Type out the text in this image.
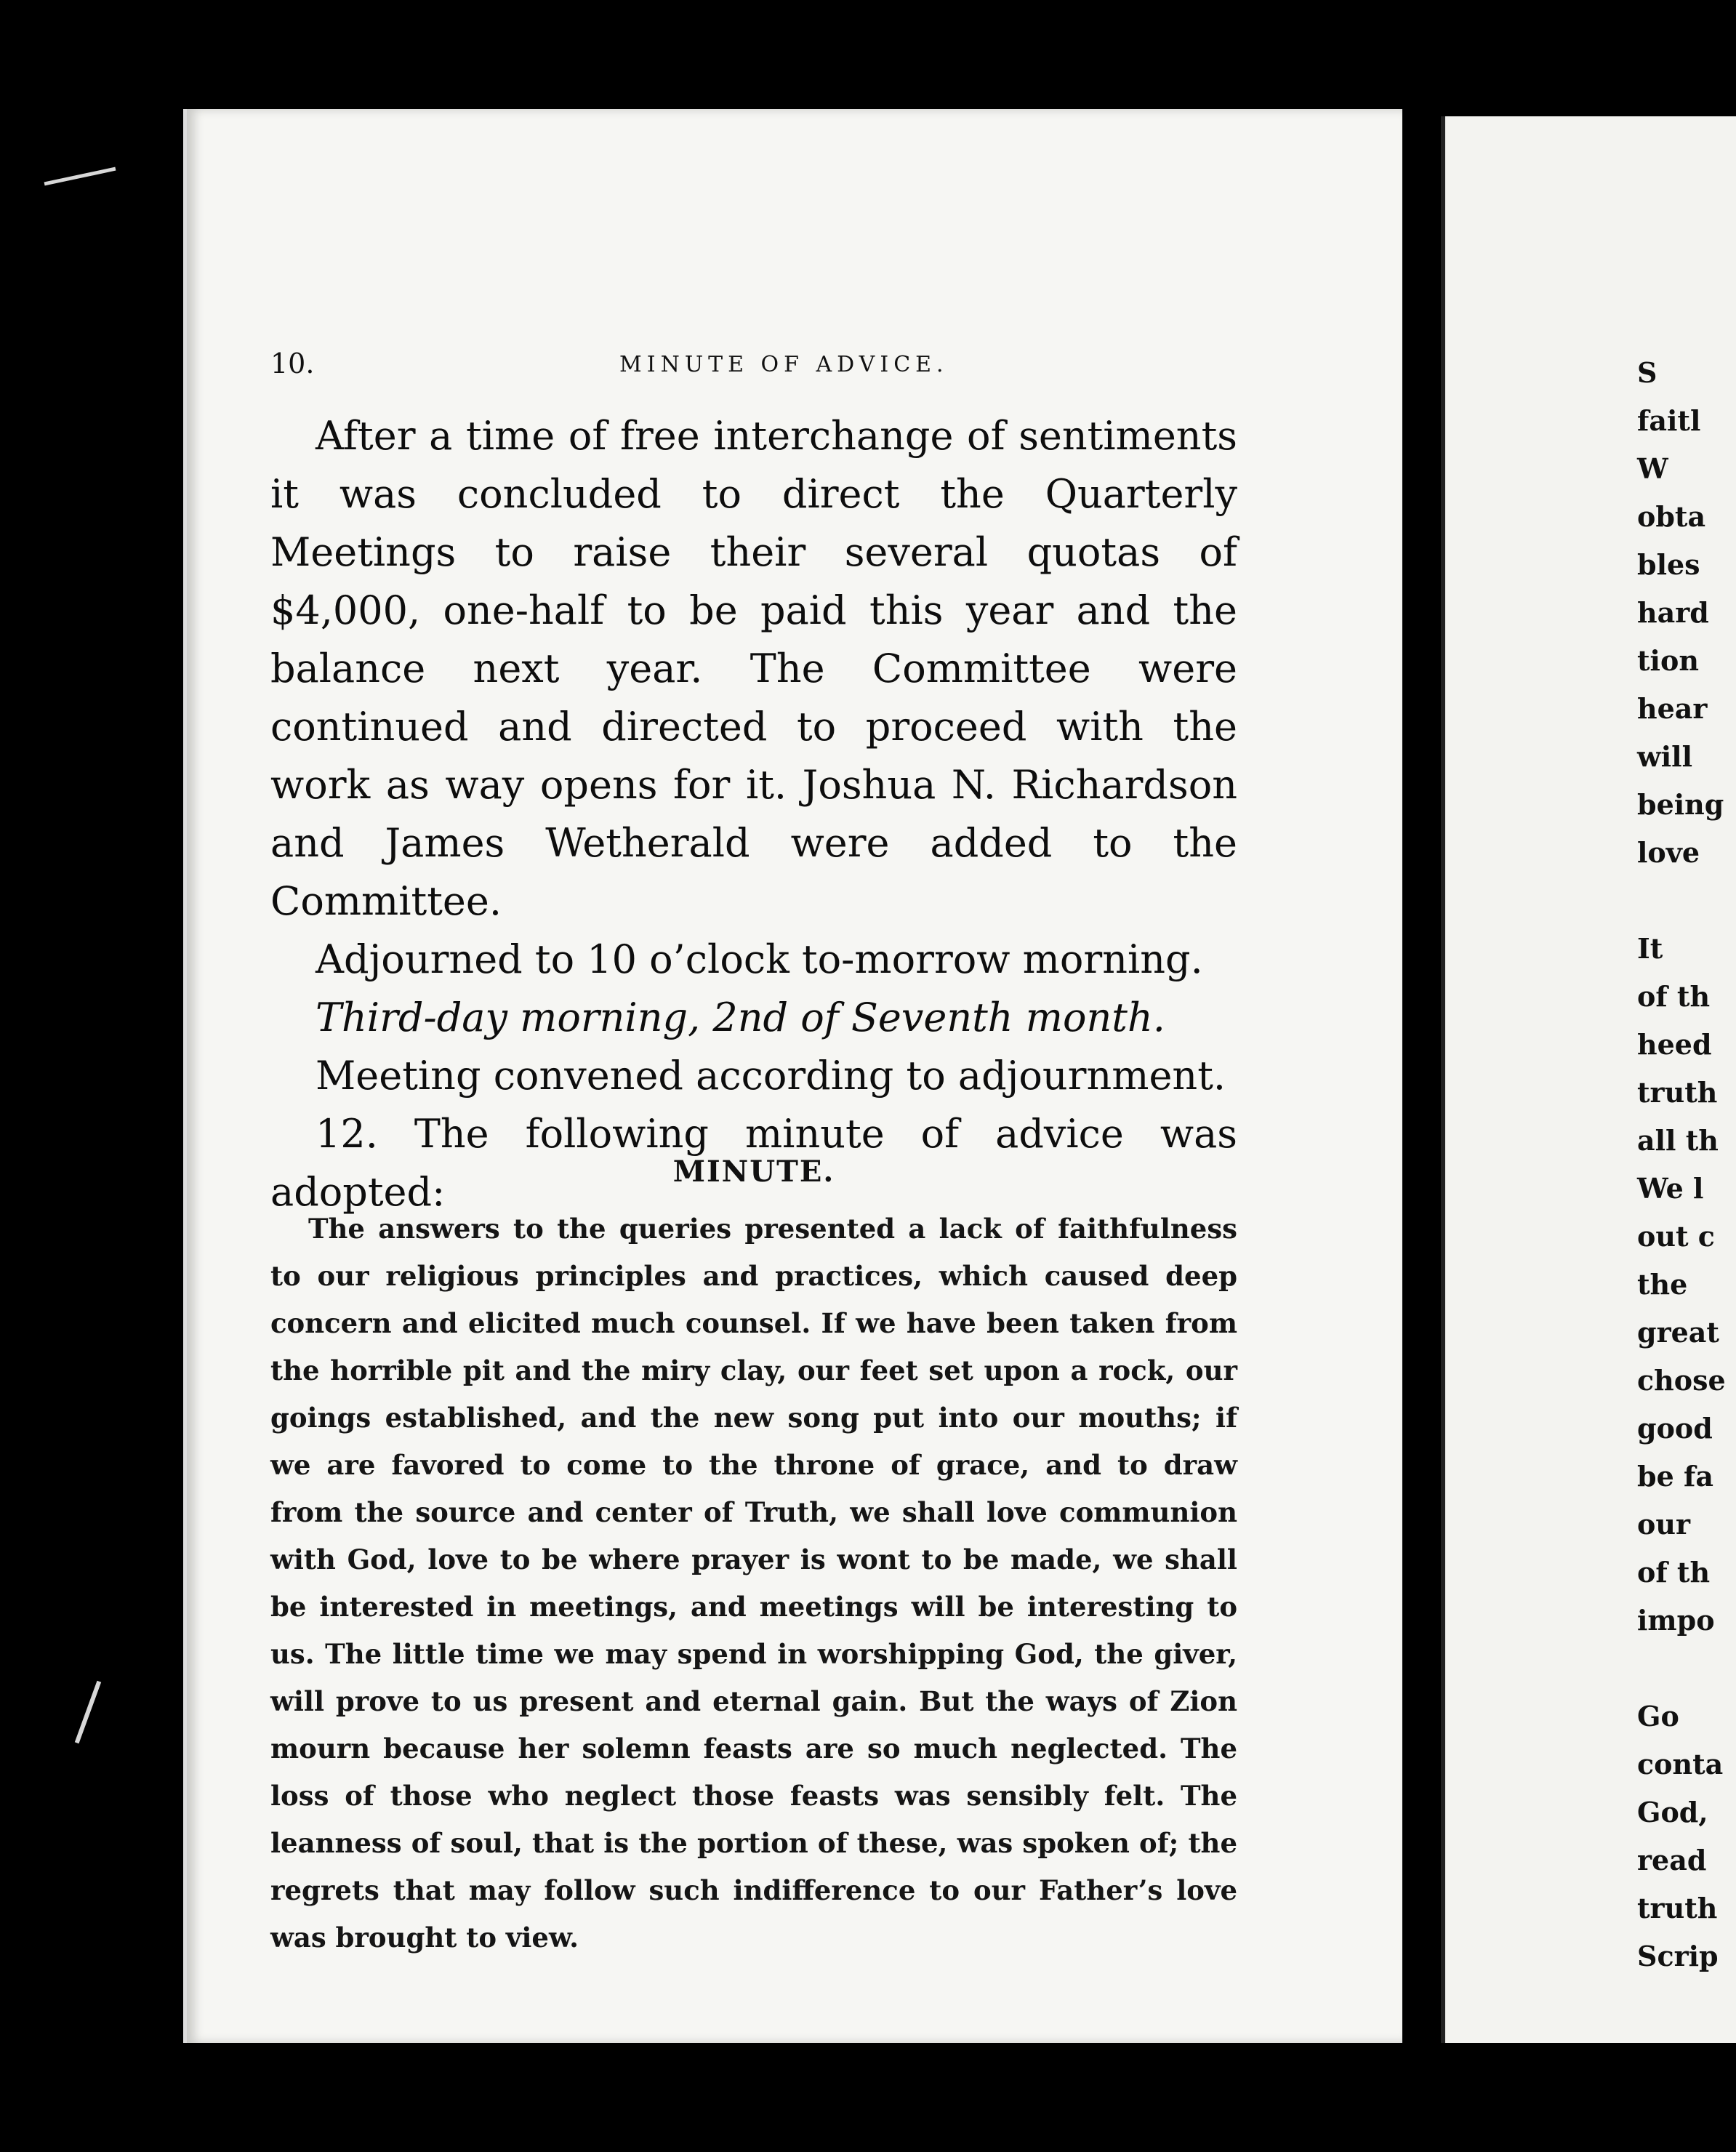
10.	MINUTE OF ADVICE.

After a time of free interchange of sentiments it was concluded to direct the Quarterly Meetings to raise their several quotas of $4,000, one-half to be paid this year and the balance next year. The Committee were continued and directed to proceed with the work as way opens for it. Joshua N. Richardson and James Wetherald were added to the Committee.

Adjourned to 10 o’clock to-morrow morning.

Third-day morning, 2nd of Seventh month.

Meeting convened according to adjournment.

12. The following minute of advice was adopted:	MINUTE.

The answers to the queries presented a lack of faithfulness to our religious principles and practices, which caused deep concern and elicited much counsel. If we have been taken from the horrible pit and the miry clay, our feet set upon a rock, our goings established, and the new song put into our mouths; if we are favored to come to the throne of grace, and to draw from the source and center of Truth, we shall love communion with God, love to be where prayer is wont to be made, we shall be interested in meetings, and meetings will be interesting to us. The little time we may spend in worshipping God, the giver, will prove to us present and eternal gain. But the ways of Zion mourn because her solemn feasts are so much neglected. The loss of those who neglect those feasts was sensibly felt. The leanness of soul, that is the portion of these, was spoken of; the regrets that may follow such indifference to our Father’s love was brought to view.

S
faitl
W
obta
bles
hard
tion
hear
will
being
love
It
of th
heed
truth
all th
We l
out c
the
great
chose
good
be fa
our
of th
impo
Go
conta
God,
read
truth
Scrip
